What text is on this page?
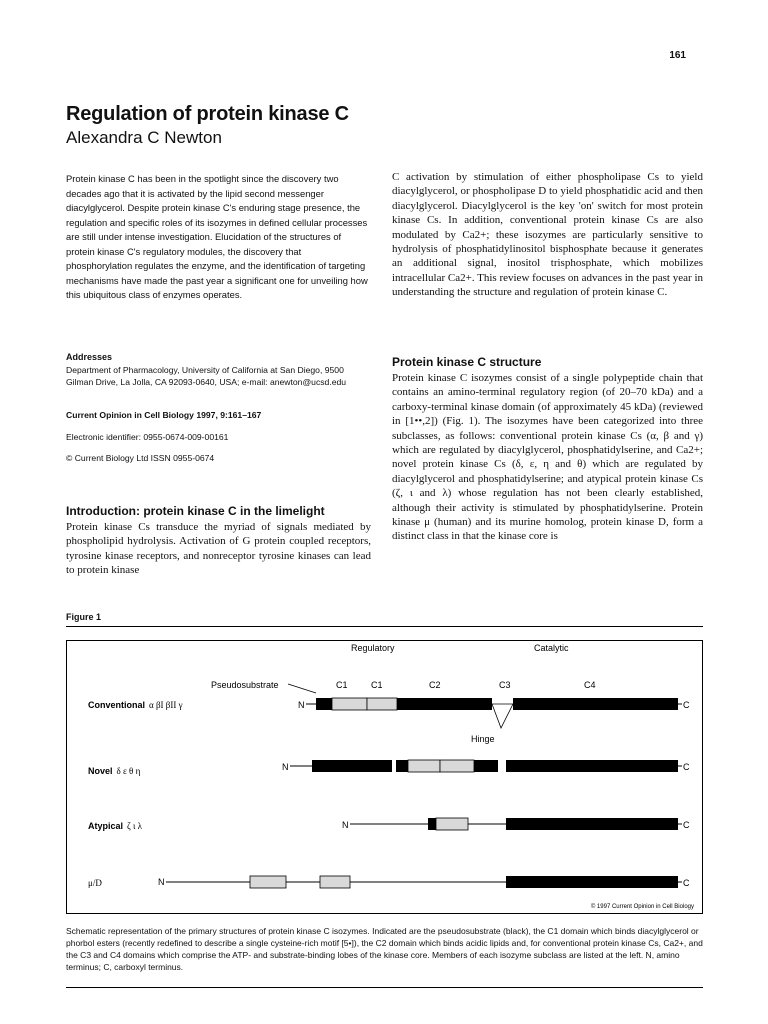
161
Regulation of protein kinase C
Alexandra C Newton
Protein kinase C has been in the spotlight since the discovery two decades ago that it is activated by the lipid second messenger diacylglycerol. Despite protein kinase C's enduring stage presence, the regulation and specific roles of its isozymes in defined cellular processes are still under intense investigation. Elucidation of the structures of protein kinase C's regulatory modules, the discovery that phosphorylation regulates the enzyme, and the identification of targeting mechanisms have made the past year a significant one for unveiling how this ubiquitous class of enzymes operates.
Addresses
Department of Pharmacology, University of California at San Diego, 9500 Gilman Drive, La Jolla, CA 92093-0640, USA; e-mail: anewton@ucsd.edu
Current Opinion in Cell Biology 1997, 9:161–167
Electronic identifier: 0955-0674-009-00161
© Current Biology Ltd ISSN 0955-0674
Introduction: protein kinase C in the limelight

Protein kinase Cs transduce the myriad of signals mediated by phospholipid hydrolysis. Activation of G protein coupled receptors, tyrosine kinase receptors, and nonreceptor tyrosine kinases can lead to protein kinase

C activation by stimulation of either phospholipase Cs to yield diacylglycerol, or phospholipase D to yield phosphatidic acid and then diacylglycerol. Diacylglycerol is the key 'on' switch for most protein kinase Cs. In addition, conventional protein kinase Cs are also modulated by Ca2+; these isozymes are particularly sensitive to hydrolysis of phosphatidylinositol bisphosphate because it generates an additional signal, inositol trisphosphate, which mobilizes intracellular Ca2+. This review focuses on advances in the past year in understanding the structure and regulation of protein kinase C.

Protein kinase C structure

Protein kinase C isozymes consist of a single polypeptide chain that contains an amino-terminal regulatory region (of 20–70 kDa) and a carboxy-terminal kinase domain (of approximately 45 kDa) (reviewed in [1••,2]) (Fig. 1). The isozymes have been categorized into three subclasses, as follows: conventional protein kinase Cs (α, β and γ) which are regulated by diacylglycerol, phosphatidylserine, and Ca2+; novel protein kinase Cs (δ, ε, η and θ) which are regulated by diacylglycerol and phosphatidylserine; and atypical protein kinase Cs (ζ, ι and λ) whose regulation has not been clearly established, although their activity is stimulated by phosphatidylserine. Protein kinase μ (human) and its murine homolog, protein kinase D, form a distinct class in that the kinase core is

Figure 1
Regulatory	Catalytic
Pseudosubstrate	C1	C1	C2	C3	C4
Conventional α βI βII γ	N	C
Hinge
Novel δ ε θ η	N	C
Atypical ζ ι λ	N	C
μ/D	N	C
© 1997 Current Opinion in Cell Biology
Schematic representation of the primary structures of protein kinase C isozymes. Indicated are the pseudosubstrate (black), the C1 domain which binds diacylglycerol or phorbol esters (recently redefined to describe a single cysteine-rich motif [5•]), the C2 domain which binds acidic lipids and, for conventional protein kinase Cs, Ca2+, and the C3 and C4 domains which comprise the ATP- and substrate-binding lobes of the kinase core. Members of each isozyme subclass are listed at the left. N, amino terminus; C, carboxyl terminus.
